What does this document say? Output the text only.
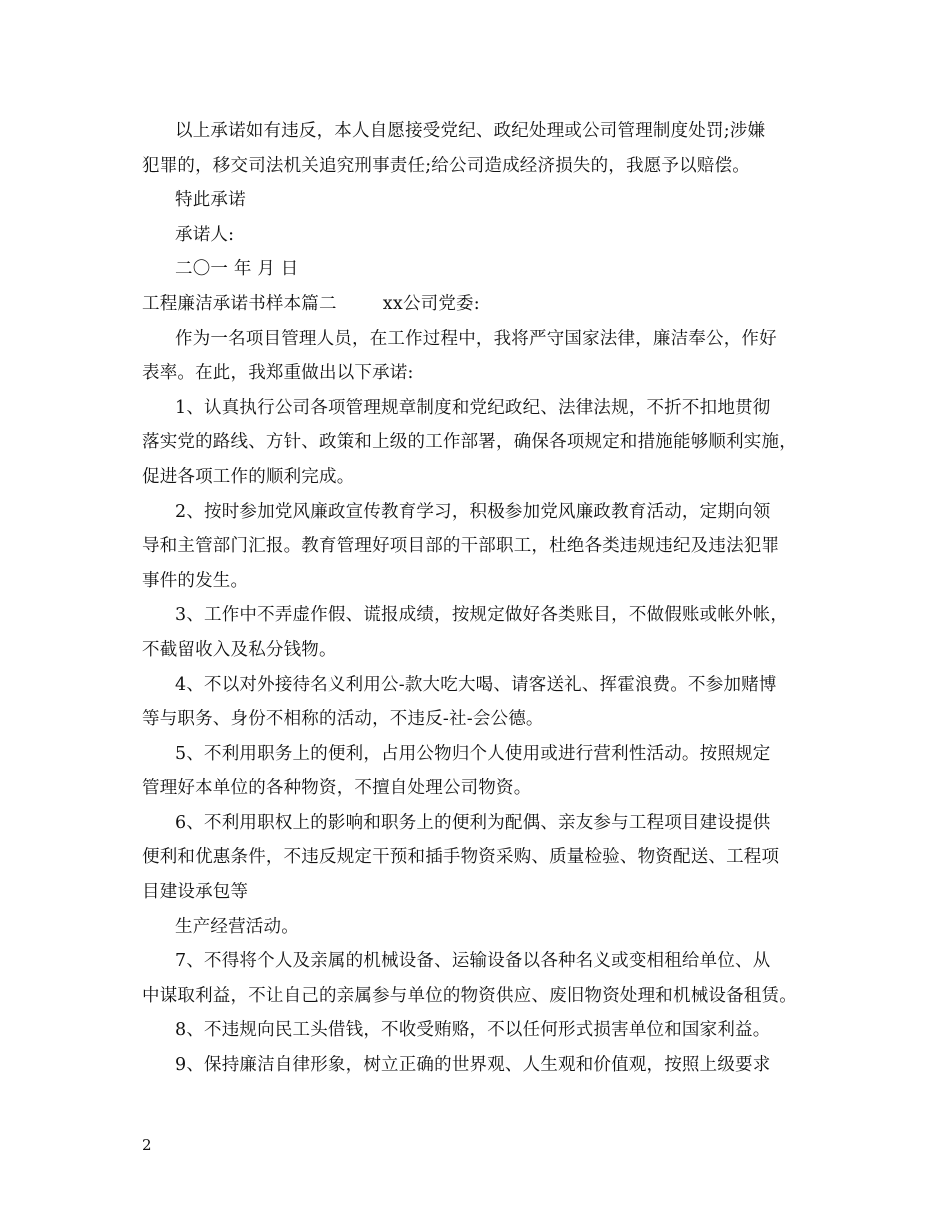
以上承诺如有违反，本人自愿接受党纪、政纪处理或公司管理制度处罚;涉嫌
犯罪的，移交司法机关追究刑事责任;给公司造成经济损失的，我愿予以赔偿。
特此承诺
承诺人:
二〇一 年 月 日
工程廉洁承诺书样本篇二        xx公司党委:
作为一名项目管理人员，在工作过程中，我将严守国家法律，廉洁奉公，作好
表率。在此，我郑重做出以下承诺:
1、认真执行公司各项管理规章制度和党纪政纪、法律法规，不折不扣地贯彻
落实党的路线、方针、政策和上级的工作部署，确保各项规定和措施能够顺利实施，
促进各项工作的顺利完成。
2、按时参加党风廉政宣传教育学习，积极参加党风廉政教育活动，定期向领
导和主管部门汇报。教育管理好项目部的干部职工，杜绝各类违规违纪及违法犯罪
事件的发生。
3、工作中不弄虚作假、谎报成绩，按规定做好各类账目，不做假账或帐外帐，
不截留收入及私分钱物。
4、不以对外接待名义利用公-款大吃大喝、请客送礼、挥霍浪费。不参加赌博
等与职务、身份不相称的活动，不违反-社-会公德。
5、不利用职务上的便利，占用公物归个人使用或进行营利性活动。按照规定
管理好本单位的各种物资，不擅自处理公司物资。
6、不利用职权上的影响和职务上的便利为配偶、亲友参与工程项目建设提供
便利和优惠条件，不违反规定干预和插手物资采购、质量检验、物资配送、工程项
目建设承包等
生产经营活动。
7、不得将个人及亲属的机械设备、运输设备以各种名义或变相租给单位、从
中谋取利益，不让自己的亲属参与单位的物资供应、废旧物资处理和机械设备租赁。
8、不违规向民工头借钱，不收受贿赂，不以任何形式损害单位和国家利益。
9、保持廉洁自律形象，树立正确的世界观、人生观和价值观，按照上级要求
2
